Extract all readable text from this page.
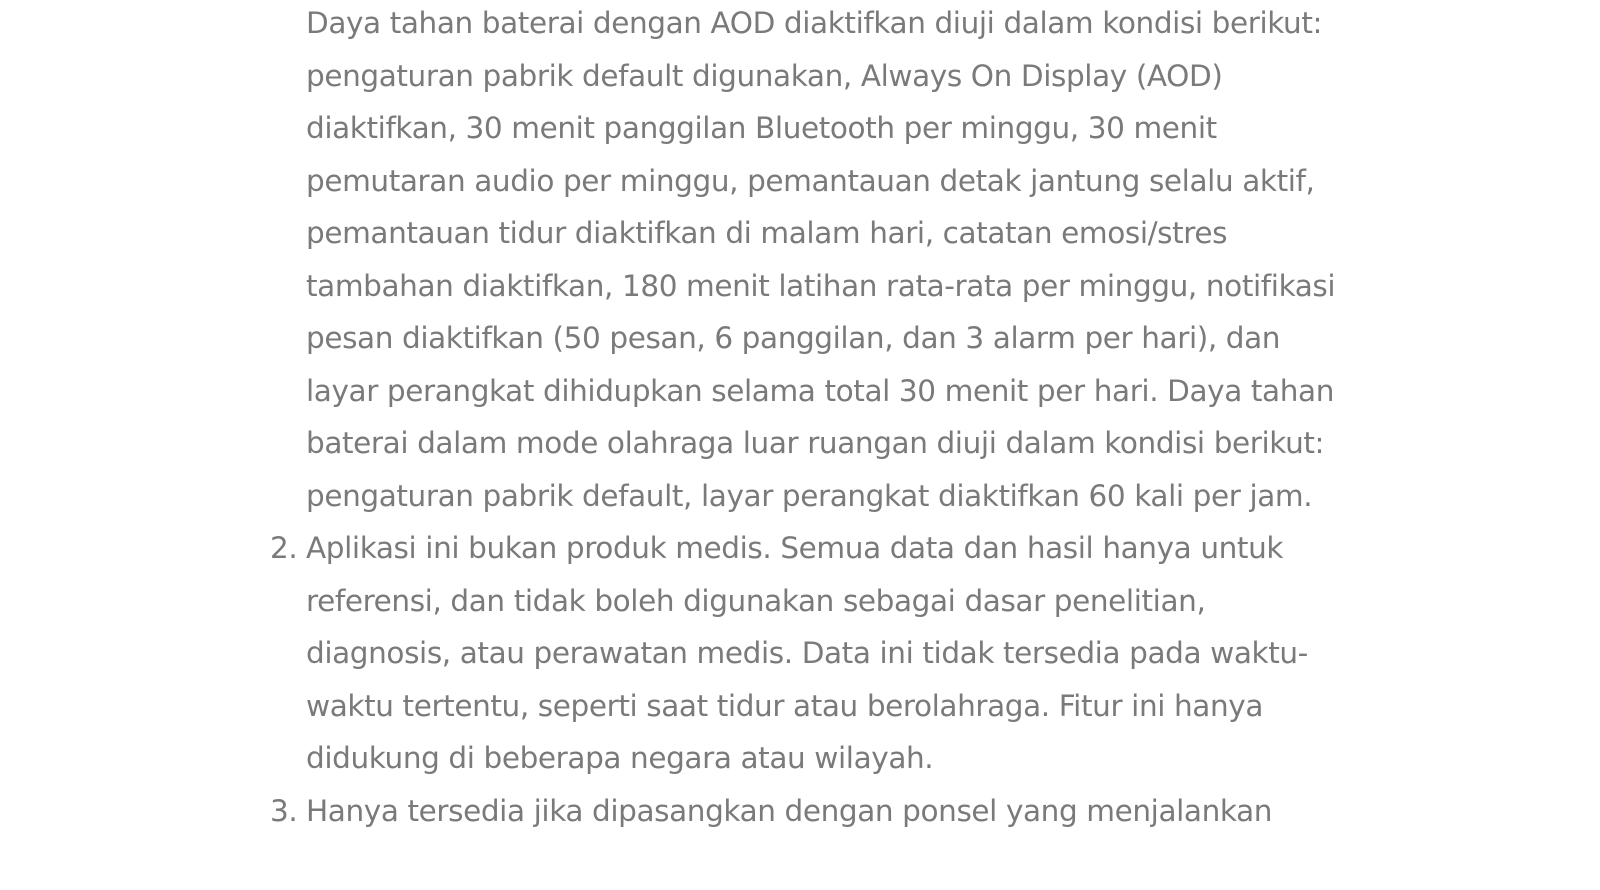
Daya tahan baterai dengan AOD diaktifkan diuji dalam kondisi berikut: pengaturan pabrik default digunakan, Always On Display (AOD) diaktifkan, 30 menit panggilan Bluetooth per minggu, 30 menit pemutaran audio per minggu, pemantauan detak jantung selalu aktif, pemantauan tidur diaktifkan di malam hari, catatan emosi/stres tambahan diaktifkan, 180 menit latihan rata-rata per minggu, notifikasi pesan diaktifkan (50 pesan, 6 panggilan, dan 3 alarm per hari), dan layar perangkat dihidupkan selama total 30 menit per hari. Daya tahan baterai dalam mode olahraga luar ruangan diuji dalam kondisi berikut: pengaturan pabrik default, layar perangkat diaktifkan 60 kali per jam.
2. Aplikasi ini bukan produk medis. Semua data dan hasil hanya untuk referensi, dan tidak boleh digunakan sebagai dasar penelitian, diagnosis, atau perawatan medis. Data ini tidak tersedia pada waktu-waktu tertentu, seperti saat tidur atau berolahraga. Fitur ini hanya didukung di beberapa negara atau wilayah.
3. Hanya tersedia jika dipasangkan dengan ponsel yang menjalankan
